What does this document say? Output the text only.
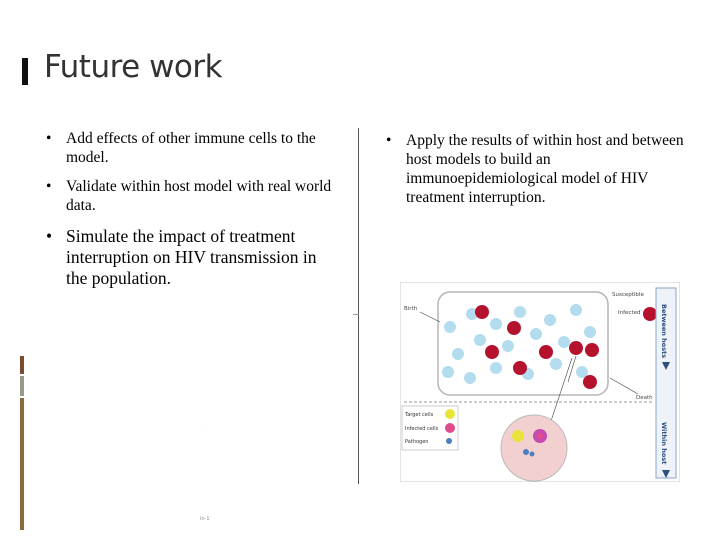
Future work
• Add effects of other immune cells to the model.
• Validate within host model with real world data.
• Simulate the impact of treatment interruption on HIV transmission in the population.
• Apply the results of within host and between host models to build an immunoepidemiological model of HIV treatment interruption.
·
in-1
Birth
Susceptible
Infected
Death
Target cells
Infected cells
Pathogen
Between hosts
Within host
